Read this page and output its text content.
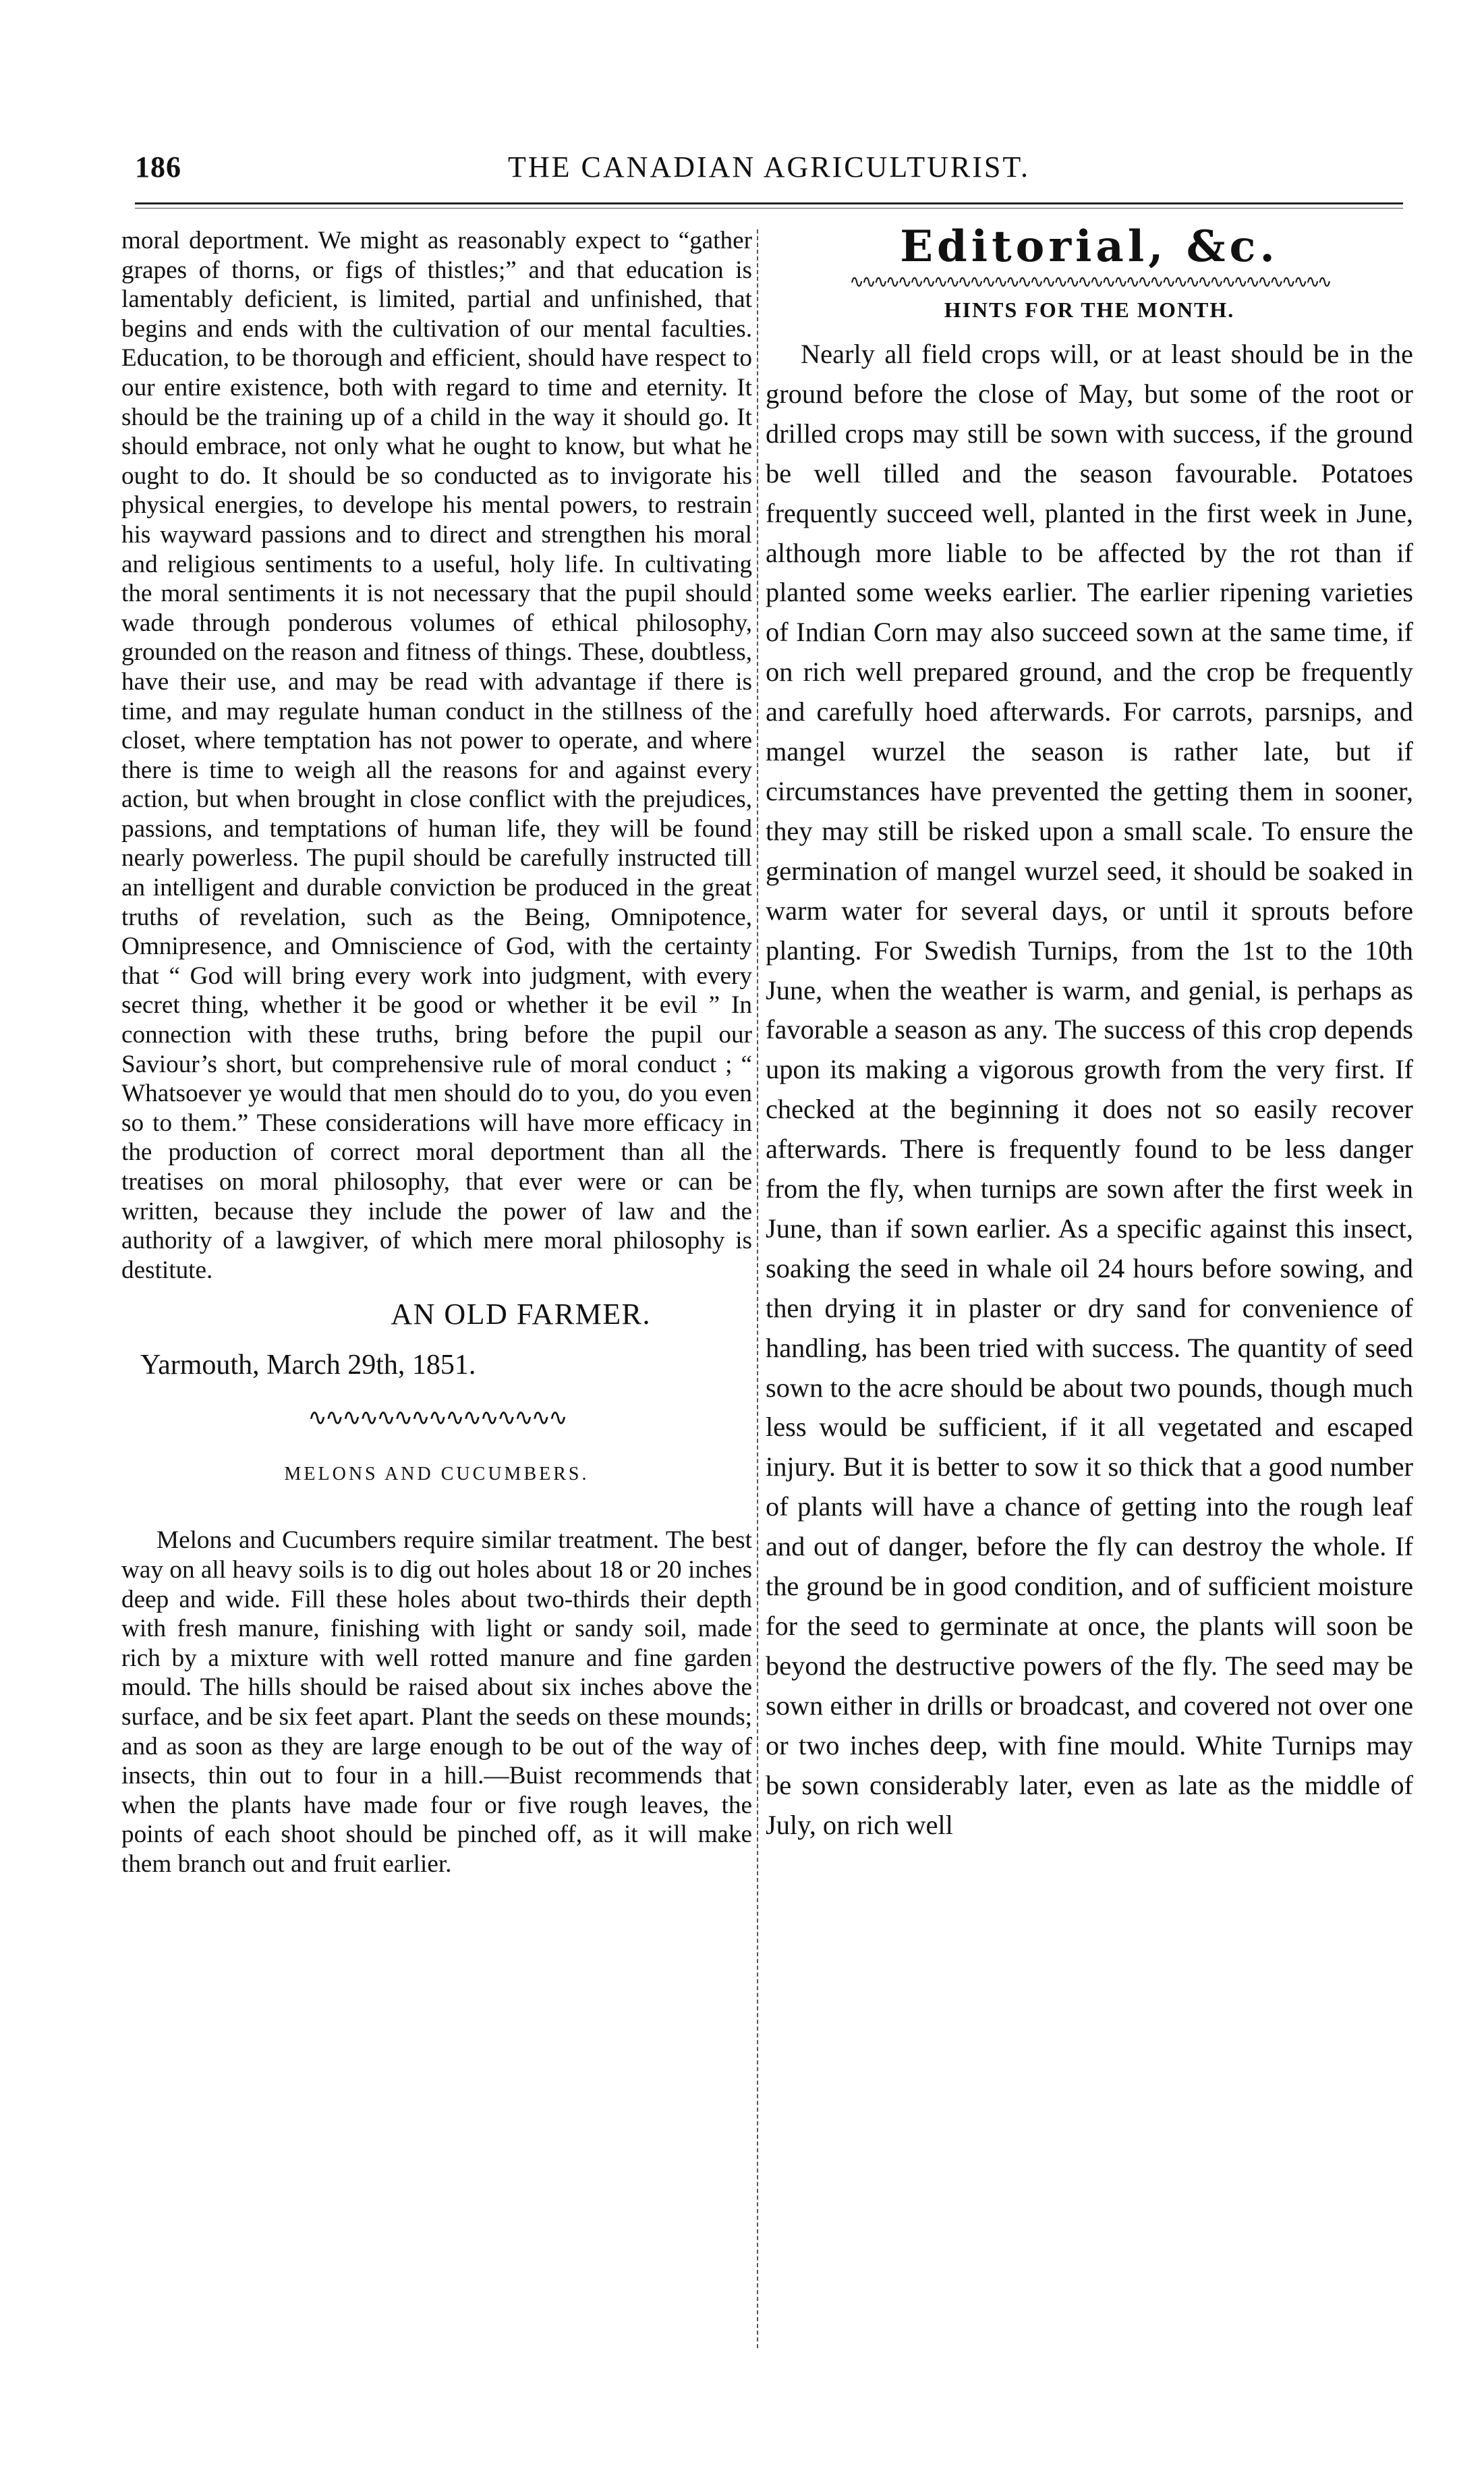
186	THE CANADIAN AGRICULTURIST.

moral deportment. We might as reasonably expect to “gather grapes of thorns, or figs of thistles;” and that education is lamentably deficient, is limited, partial and unfinished, that begins and ends with the cultivation of our mental faculties. Education, to be thorough and efficient, should have respect to our entire existence, both with regard to time and eternity. It should be the training up of a child in the way it should go. It should embrace, not only what he ought to know, but what he ought to do. It should be so conducted as to invigorate his physical energies, to develope his mental powers, to restrain his wayward passions and to direct and strengthen his moral and religious sentiments to a useful, holy life. In cultivating the moral sentiments it is not necessary that the pupil should wade through ponderous volumes of ethical philosophy, grounded on the reason and fitness of things. These, doubtless, have their use, and may be read with advantage if there is time, and may regulate human conduct in the stillness of the closet, where temptation has not power to operate, and where there is time to weigh all the reasons for and against every action, but when brought in close conflict with the prejudices, passions, and temptations of human life, they will be found nearly powerless. The pupil should be carefully instructed till an intelligent and durable conviction be produced in the great truths of revelation, such as the Being, Omnipotence, Omnipresence, and Omniscience of God, with the certainty that “ God will bring every work into judgment, with every secret thing, whether it be good or whether it be evil ” In connection with these truths, bring before the pupil our Saviour’s short, but comprehensive rule of moral conduct ; “ Whatsoever ye would that men should do to you, do you even so to them.” These considerations will have more efficacy in the production of correct moral deportment than all the treatises on moral philosophy, that ever were or can be written, because they include the power of law and the authority of a lawgiver, of which mere moral philosophy is destitute.

AN OLD FARMER.

Yarmouth, March 29th, 1851.

∿∿∿∿∿∿∿∿∿∿∿∿∿∿∿

MELONS AND CUCUMBERS.

Melons and Cucumbers require similar treatment. The best way on all heavy soils is to dig out holes about 18 or 20 inches deep and wide. Fill these holes about two-thirds their depth with fresh manure, finishing with light or sandy soil, made rich by a mixture with well rotted manure and fine garden mould. The hills should be raised about six inches above the surface, and be six feet apart. Plant the seeds on these mounds; and as soon as they are large enough to be out of the way of insects, thin out to four in a hill.—Buist recommends that when the plants have made four or five rough leaves, the points of each shoot should be pinched off, as it will make them branch out and fruit earlier.

Editorial, &c.

∿∿∿∿∿∿∿∿∿∿∿∿∿∿∿∿∿∿∿∿∿∿∿∿∿∿∿∿∿∿∿∿∿∿∿∿∿∿∿∿

HINTS FOR THE MONTH.

Nearly all field crops will, or at least should be in the ground before the close of May, but some of the root or drilled crops may still be sown with success, if the ground be well tilled and the season favourable. Potatoes frequently succeed well, planted in the first week in June, although more liable to be affected by the rot than if planted some weeks earlier. The earlier ripening varieties of Indian Corn may also succeed sown at the same time, if on rich well prepared ground, and the crop be frequently and carefully hoed afterwards. For carrots, parsnips, and mangel wurzel the season is rather late, but if circumstances have prevented the getting them in sooner, they may still be risked upon a small scale. To ensure the germination of mangel wurzel seed, it should be soaked in warm water for several days, or until it sprouts before planting. For Swedish Turnips, from the 1st to the 10th June, when the weather is warm, and genial, is perhaps as favorable a season as any. The success of this crop depends upon its making a vigorous growth from the very first. If checked at the beginning it does not so easily recover afterwards. There is frequently found to be less danger from the fly, when turnips are sown after the first week in June, than if sown earlier. As a specific against this insect, soaking the seed in whale oil 24 hours before sowing, and then drying it in plaster or dry sand for convenience of handling, has been tried with success. The quantity of seed sown to the acre should be about two pounds, though much less would be sufficient, if it all vegetated and escaped injury. But it is better to sow it so thick that a good number of plants will have a chance of getting into the rough leaf and out of danger, before the fly can destroy the whole. If the ground be in good condition, and of sufficient moisture for the seed to germinate at once, the plants will soon be beyond the destructive powers of the fly. The seed may be sown either in drills or broadcast, and covered not over one or two inches deep, with fine mould. White Turnips may be sown considerably later, even as late as the middle of July, on rich well
